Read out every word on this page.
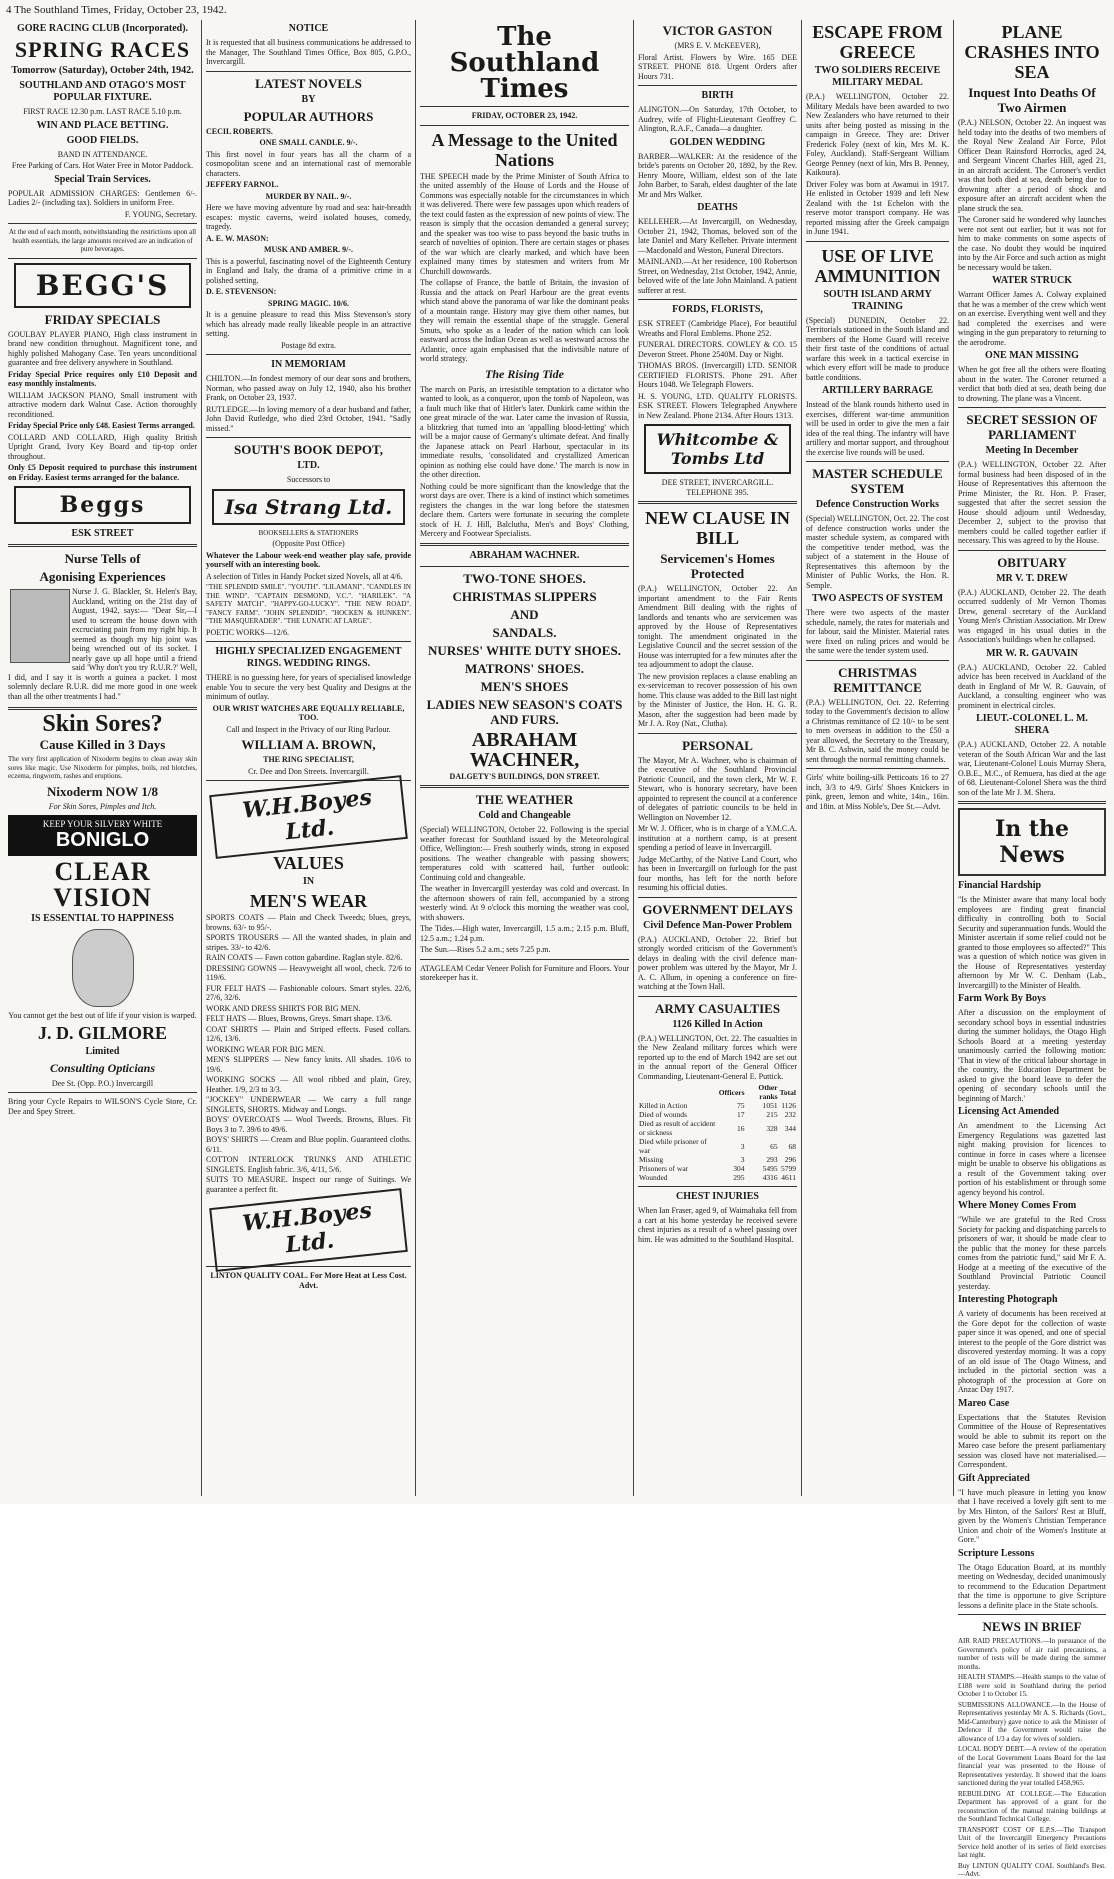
4 The Southland Times, Friday, October 23, 1942.
GORE RACING CLUB (Incorporated).
SPRING RACES
Tomorrow (Saturday), October 24th, 1942.
SOUTHLAND AND OTAGO'S MOST POPULAR FIXTURE.

FIRST RACE 12.30 p.m. LAST RACE 5.10 p.m.

WIN AND PLACE BETTING.
GOOD FIELDS.

BAND IN ATTENDANCE.

Free Parking of Cars. Hot Water Free in Motor Paddock.

Special Train Services.

POPULAR ADMISSION CHARGES: Gentlemen 6/-. Ladies 2/- (including tax). Soldiers in uniform Free.

F. YOUNG, Secretary.

At the end of each month, notwithstanding the restrictions upon all health essentials, the large amounts received are an indication of pure beverages.

BEGG'S
FRIDAY SPECIALS

GOULBAY PLAYER PIANO, High class instrument in brand new condition throughout. Magnificent tone, and highly polished Mahogany Case. Ten years unconditional guarantee and free delivery anywhere in Southland.

Friday Special Price requires only £10 Deposit and easy monthly instalments.

WILLIAM JACKSON PIANO, Small instrument with attractive modern dark Walnut Case. Action thoroughly reconditioned.

Friday Special Price only £48. Easiest Terms arranged.

COLLARD AND COLLARD, High quality British Upright Grand, Ivory Key Board and tip-top order throughout.

Only £5 Deposit required to purchase this instrument on Friday. Easiest terms arranged for the balance.

Beggs
ESK STREET
Nurse Tells of
Agonising Experiences

Nurse J. G. Blackler, St. Helen's Bay, Auckland, writing on the 21st day of August, 1942, says:— "Dear Sir,—I used to scream the house down with excruciating pain from my right hip. It seemed as though my hip joint was being wrenched out of its socket. I nearly gave up all hope until a friend said 'Why don't you try R.U.R.?' Well, I did, and I say it is worth a guinea a packet. I most solemnly declare R.U.R. did me more good in one week than all the other treatments I had."

Skin Sores?
Cause Killed in 3 Days

The very first application of Nixoderm begins to clean away skin sores like magic. Use Nixoderm for pimples, boils, red blotches, eczema, ringworm, rashes and eruptions.

Nixoderm NOW 1/8

For Skin Sores, Pimples and Itch.

KEEP YOUR SILVERY WHITE
BONIGLO
CLEAR
VISION
IS ESSENTIAL TO HAPPINESS

You cannot get the best out of life if your vision is warped.

J. D. GILMORE
Limited
Consulting Opticians

Dee St. (Opp. P.O.) Invercargill

Bring your Cycle Repairs to WILSON'S Cycle Store, Cr. Dee and Spey Street.

NOTICE

It is requested that all business communications be addressed to the Manager, The Southland Times Office, Box 805, G.P.O., Invercargill.

LATEST NOVELS
BY
POPULAR AUTHORS

CECIL ROBERTS.

ONE SMALL CANDLE. 9/-.

This first novel in four years has all the charm of a cosmopolitan scene and an international cast of memorable characters.

JEFFERY FARNOL.

MURDER BY NAIL. 9/-.

Here we have moving adventure by road and sea: hair-breadth escapes: mystic caverns, weird isolated houses, comedy, tragedy.

A. E. W. MASON:

MUSK AND AMBER. 9/-.

This is a powerful, fascinating novel of the Eighteenth Century in England and Italy, the drama of a primitive crime in a polished setting.

D. E. STEVENSON:

SPRING MAGIC. 10/6.

It is a genuine pleasure to read this Miss Stevenson's story which has already made really likeable people in an attractive setting.

Postage 8d extra.

IN MEMORIAM

CHILTON.—In fondest memory of our dear sons and brothers, Norman, who passed away on July 12, 1940, also his brother Frank, on October 23, 1937.

RUTLEDGE.—In loving memory of a dear husband and father, John David Rutledge, who died 23rd October, 1941. "Sadly missed."

SOUTH'S BOOK DEPOT,
LTD.

Successors to

Isa Strang Ltd.

BOOKSELLERS & STATIONERS

(Opposite Post Office)

Whatever the Labour week-end weather play safe, provide yourself with an interesting book.

A selection of Titles in Handy Pocket sized Novels, all at 4/6.

"THE SPLENDID SMILE". "YOUTH". "LILAMANI". "CANDLES IN THE WIND". "CAPTAIN DESMOND, V.C.". "HARILEK". "A SAFETY MATCH". "HAPPY-GO-LUCKY". "THE NEW ROAD". "FANCY FARM". "JOHN SPLENDID". "HOCKEN & HUNKEN". "THE MASQUERADER". "THE LUNATIC AT LARGE".

POETIC WORKS—12/6.

HIGHLY SPECIALIZED ENGAGEMENT RINGS. WEDDING RINGS.

THERE is no guessing here, for years of specialised knowledge enable You to secure the very best Quality and Designs at the minimum of outlay.

OUR WRIST WATCHES ARE EQUALLY RELIABLE, TOO.

Call and Inspect in the Privacy of our Ring Parlour.

WILLIAM A. BROWN,

THE RING SPECIALIST,

Cr. Dee and Don Streets. Invercargill.

W.H.Boyes Ltd.
VALUES
IN
MEN'S WEAR

SPORTS COATS — Plain and Check Tweeds; blues, greys, browns. 63/- to 95/-.

SPORTS TROUSERS — All the wanted shades, in plain and stripes. 33/- to 42/6.

RAIN COATS — Fawn cotton gabardine. Raglan style. 82/6.

DRESSING GOWNS — Heavyweight all wool, check. 72/6 to 119/6.

FUR FELT HATS — Fashionable colours. Smart styles. 22/6, 27/6, 32/6.

WORK AND DRESS SHIRTS FOR BIG MEN.

FELT HATS — Blues, Browns, Greys. Smart shape. 13/6.

COAT SHIRTS — Plain and Striped effects. Fused collars. 12/6, 13/6.

WORKING WEAR FOR BIG MEN.

MEN'S SLIPPERS — New fancy knits. All shades. 10/6 to 19/6.

WORKING SOCKS — All wool ribbed and plain, Grey, Heather. 1/9, 2/3 to 3/3.

"JOCKEY" UNDERWEAR — We carry a full range SINGLETS, SHORTS. Midway and Longs.

BOYS' OVERCOATS — Wool Tweeds. Browns, Blues. Fit Boys 3 to 7. 39/6 to 49/6.

BOYS' SHIRTS — Cream and Blue poplin. Guaranteed cloths. 6/11.

COTTON INTERLOCK TRUNKS AND ATHLETIC SINGLETS. English fabric. 3/6, 4/11, 5/6.

SUITS TO MEASURE. Inspect our range of Suitings. We guarantee a perfect fit.

W.H.Boyes Ltd.

LINTON QUALITY COAL. For More Heat at Less Cost. Advt.

The Southland Times

FRIDAY, OCTOBER 23, 1942.

A Message to the United Nations

THE SPEECH made by the Prime Minister of South Africa to the united assembly of the House of Lords and the House of Commons was especially notable for the circumstances in which it was delivered. There were few passages upon which readers of the text could fasten as the expression of new points of view. The reason is simply that the occasion demanded a general survey; and the speaker was too wise to pass beyond the basic truths in search of novelties of opinion. There are certain stages or phases of the war which are clearly marked, and which have been explained many times by statesmen and writers from Mr Churchill downwards.

The collapse of France, the battle of Britain, the invasion of Russia and the attack on Pearl Harbour are the great events which stand above the panorama of war like the dominant peaks of a mountain range. History may give them other names, but they will remain the essential shape of the struggle. General Smuts, who spoke as a leader of the nation which can look eastward across the Indian Ocean as well as westward across the Atlantic, once again emphasised that the indivisible nature of world strategy.

The Rising Tide

The march on Paris, an irresistible temptation to a dictator who wanted to look, as a conqueror, upon the tomb of Napoleon, was a fault much like that of Hitler's later. Dunkirk came within the one great miracle of the war. Later came the invasion of Russia, a blitzkrieg that turned into an 'appalling blood-letting' which will be a major cause of Germany's ultimate defeat. And finally the Japanese attack on Pearl Harbour, spectacular in its immediate results, 'consolidated and crystallized American opinion as nothing else could have done.' The march is now in the other direction.

Nothing could be more significant than the knowledge that the worst days are over. There is a kind of instinct which sometimes registers the changes in the war long before the statesmen declare them. Carters were fortunate in securing the complete stock of H. J. Hill, Balclutha, Men's and Boys' Clothing, Mercery and Footwear Specialists.

ABRAHAM WACHNER.
TWO-TONE SHOES.
CHRISTMAS SLIPPERS
AND
SANDALS.
NURSES' WHITE DUTY SHOES.
MATRONS' SHOES.
MEN'S SHOES
LADIES NEW SEASON'S COATS AND FURS.
ABRAHAM WACHNER,

DALGETY'S BUILDINGS, DON STREET.

THE WEATHER
Cold and Changeable

(Special) WELLINGTON, October 22. Following is the special weather forecast for Southland issued by the Meteorological Office, Wellington:— Fresh southerly winds, strong in exposed positions. The weather changeable with passing showers; temperatures cold with scattered hail, further outlook: Continuing cold and changeable.

The weather in Invercargill yesterday was cold and overcast. In the afternoon showers of rain fell, accompanied by a strong westerly wind. At 9 o'clock this morning the weather was cool, with showers.

The Tides.—High water, Invercargill, 1.5 a.m.; 2.15 p.m. Bluff, 12.5 a.m.; 1.24 p.m.

The Sun.—Rises 5.2 a.m.; sets 7.25 p.m.

ATAGLEAM Cedar Veneer Polish for Furniture and Floors. Your storekeeper has it.

VICTOR GASTON

(MRS E. V. McKEEVER),

Floral Artist. Flowers by Wire. 165 DEE STREET. PHONE 818. Urgent Orders after Hours 731.

BIRTH

ALINGTON.—On Saturday, 17th October, to Audrey, wife of Flight-Lieutenant Geoffrey C. Alington, R.A.F., Canada—a daughter.

GOLDEN WEDDING

BARBER—WALKER: At the residence of the bride's parents on October 20, 1892, by the Rev. Henry Moore, William, eldest son of the late John Barber, to Sarah, eldest daughter of the late Mr and Mrs Walker.

DEATHS

KELLEHER.—At Invercargill, on Wednesday, October 21, 1942, Thomas, beloved son of the late Daniel and Mary Kelleher. Private interment—Macdonald and Weston, Funeral Directors.

MAINLAND.—At her residence, 100 Robertson Street, on Wednesday, 21st October, 1942, Annie, beloved wife of the late John Mainland. A patient sufferer at rest.

FORDS, FLORISTS,

ESK STREET (Cambridge Place), For beautiful Wreaths and Floral Emblems. Phone 252.

FUNERAL DIRECTORS. COWLEY & CO. 15 Deveron Street. Phone 2540M. Day or Night.

THOMAS BROS. (Invercargill) LTD. SENIOR CERTIFIED FLORISTS. Phone 291. After Hours 1048. We Telegraph Flowers.

H. S. YOUNG, LTD. QUALITY FLORISTS. ESK STREET. Flowers Telegraphed Anywhere in New Zealand. Phone 2134. After Hours 1313.

Whitcombe & Tombs Ltd

DEE STREET, INVERCARGILL. TELEPHONE 395.

NEW CLAUSE IN BILL
Servicemen's Homes Protected

(P.A.) WELLINGTON, October 22. An important amendment to the Fair Rents Amendment Bill dealing with the rights of landlords and tenants who are servicemen was approved by the House of Representatives tonight. The amendment originated in the Legislative Council and the secret session of the House was interrupted for a few minutes after the tea adjournment to adopt the clause.

The new provision replaces a clause enabling an ex-serviceman to recover possession of his own home. This clause was added to the Bill last night by the Minister of Justice, the Hon. H. G. R. Mason, after the suggestion had been made by Mr J. A. Roy (Nat., Clutha).

PERSONAL

The Mayor, Mr A. Wachner, who is chairman of the executive of the Southland Provincial Patriotic Council, and the town clerk, Mr W. F. Stewart, who is honorary secretary, have been appointed to represent the council at a conference of delegates of patriotic councils to be held in Wellington on November 12.

Mr W. J. Officer, who is in charge of a Y.M.C.A. institution at a northern camp, is at present spending a period of leave in Invercargill.

Judge McCarthy, of the Native Land Court, who has been in Invercargill on furlough for the past four months, has left for the north before resuming his official duties.

GOVERNMENT DELAYS
Civil Defence Man-Power Problem

(P.A.) AUCKLAND, October 22. Brief but strongly worded criticism of the Government's delays in dealing with the civil defence man-power problem was uttered by the Mayor, Mr J. A. C. Allum, in opening a conference on fire-watching at the Town Hall.

ARMY CASUALTIES
1126 Killed In Action

(P.A.) WELLINGTON, Oct. 22. The casualties in the New Zealand military forces which were reported up to the end of March 1942 are set out in the annual report of the General Officer Commanding, Lieutenant-General E. Puttick.

	Officers	Other ranks	Total
Killed in Action	75	1051	1126
Died of wounds	17	215	232
Died as result of accident or sickness	16	328	344
Died while prisoner of war	3	65	68
Missing	3	293	296
Prisoners of war	304	5495	5799
Wounded	295	4316	4611
CHEST INJURIES

When Ian Fraser, aged 9, of Waimahaka fell from a cart at his home yesterday he received severe chest injuries as a result of a wheel passing over him. He was admitted to the Southland Hospital.

ESCAPE FROM GREECE
TWO SOLDIERS RECEIVE MILITARY MEDAL

(P.A.) WELLINGTON, October 22. Military Medals have been awarded to two New Zealanders who have returned to their units after being posted as missing in the campaign in Greece. They are: Driver Frederick Foley (next of kin, Mrs M. K. Foley, Auckland). Staff-Sergeant William George Penney (next of kin, Mrs B. Penney, Kaikoura).

Driver Foley was born at Awamui in 1917. He enlisted in October 1939 and left New Zealand with the 1st Echelon with the reserve motor transport company. He was reported missing after the Greek campaign in June 1941.

USE OF LIVE AMMUNITION
SOUTH ISLAND ARMY TRAINING

(Special) DUNEDIN, October 22. Territorials stationed in the South Island and members of the Home Guard will receive their first taste of the conditions of actual warfare this week in a tactical exercise in which every effort will be made to produce battle conditions.

ARTILLERY BARRAGE

Instead of the blank rounds hitherto used in exercises, different war-time ammunition will be used in order to give the men a fair idea of the real thing. The infantry will have artillery and mortar support, and throughout the exercise live rounds will be used.

MASTER SCHEDULE SYSTEM
Defence Construction Works

(Special) WELLINGTON, Oct. 22. The cost of defence construction works under the master schedule system, as compared with the competitive tender method, was the subject of a statement in the House of Representatives this afternoon by the Minister of Public Works, the Hon. R. Semple.

TWO ASPECTS OF SYSTEM

There were two aspects of the master schedule, namely, the rates for materials and for labour, said the Minister. Material rates were fixed on ruling prices and would be the same were the tender system used.

CHRISTMAS REMITTANCE

(P.A.) WELLINGTON, Oct. 22. Referring today to the Government's decision to allow a Christmas remittance of £2 10/- to be sent to men overseas in addition to the £50 a year allowed, the Secretary to the Treasury, Mr B. C. Ashwin, said the money could be sent through the normal remitting channels.

Girls' white boiling-silk Petticoats 16 to 27 inch, 3/3 to 4/9. Girls' Shoes Knickers in pink, green, lemon and white, 14in., 16in. and 18in. at Miss Noble's, Dee St.—Advt.

PLANE CRASHES INTO SEA
Inquest Into Deaths Of Two Airmen

(P.A.) NELSON, October 22. An inquest was held today into the deaths of two members of the Royal New Zealand Air Force, Pilot Officer Dean Rainsford Horrocks, aged 24, and Sergeant Vincent Charles Hill, aged 21, in an aircraft accident. The Coroner's verdict was that both died at sea, death being due to drowning after a period of shock and exposure after an aircraft accident when the plane struck the sea.

The Coroner said he wondered why launches were not sent out earlier, but it was not for him to make comments on some aspects of the case. No doubt they would be inquired into by the Air Force and such action as might be necessary would be taken.

WATER STRUCK

Warrant Officer James A. Colway explained that he was a member of the crew which went on an exercise. Everything went well and they had completed the exercises and were winging in the gun preparatory to returning to the aerodrome.

ONE MAN MISSING

When he got free all the others were floating about in the water. The Coroner returned a verdict that both died at sea, death being due to drowning. The plane was a Vincent.

SECRET SESSION OF PARLIAMENT
Meeting In December

(P.A.) WELLINGTON, October 22. After formal business had been disposed of in the House of Representatives this afternoon the Prime Minister, the Rt. Hon. P. Fraser, suggested that after the secret session the House should adjourn until Wednesday, December 2, subject to the proviso that members could be called together earlier if necessary. This was agreed to by the House.

OBITUARY
MR V. T. DREW

(P.A.) AUCKLAND, October 22. The death occurred suddenly of Mr Vernon Thomas Drew, general secretary of the Auckland Young Men's Christian Association. Mr Drew was engaged in his usual duties in the Association's buildings when he collapsed.

MR W. R. GAUVAIN

(P.A.) AUCKLAND, October 22. Cabled advice has been received in Auckland of the death in England of Mr W. R. Gauvain, of Auckland, a consulting engineer who was prominent in electrical circles.

LIEUT.-COLONEL L. M. SHERA

(P.A.) AUCKLAND, October 22. A notable veteran of the South African War and the last war, Lieutenant-Colonel Louis Murray Shera, O.B.E., M.C., of Remuera, has died at the age of 68. Lieutenant-Colonel Shera was the third son of the late Mr J. M. Shera.

In the News
Financial Hardship

"Is the Minister aware that many local body employees are finding great financial difficulty in controlling both to Social Security and superannuation funds. Would the Minister ascertain if some relief could not be granted to those employees so affected?" This was a question of which notice was given in the House of Representatives yesterday afternoon by Mr W. C. Denham (Lab., Invercargill) to the Minister of Health.

Farm Work By Boys

After a discussion on the employment of secondary school boys in essential industries during the summer holidays, the Otago High Schools Board at a meeting yesterday unanimously carried the following motion: 'That in view of the critical labour shortage in the country, the Education Department be asked to give the board leave to defer the opening of secondary schools until the beginning of March.'

Licensing Act Amended

An amendment to the Licensing Act Emergency Regulations was gazetted last night making provision for licences to continue in force in cases where a licensee might be unable to observe his obligations as a result of the Government taking over portion of his establishment or through some agency beyond his control.

Where Money Comes From

"While we are grateful to the Red Cross Society for packing and dispatching parcels to prisoners of war, it should be made clear to the public that the money for these parcels comes from the patriotic fund," said Mr F. A. Hodge at a meeting of the executive of the Southland Provincial Patriotic Council yesterday.

Interesting Photograph

A variety of documents has been received at the Gore depot for the collection of waste paper since it was opened, and one of special interest to the people of the Gore district was discovered yesterday morning. It was a copy of an old issue of The Otago Witness, and included in the pictorial section was a photograph of the procession at Gore on Anzac Day 1917.

Mareo Case

Expectations that the Statutes Revision Committee of the House of Representatives would be able to submit its report on the Mareo case before the present parliamentary session was closed have not materialised.—Correspondent.

Gift Appreciated

"I have much pleasure in letting you know that I have received a lovely gift sent to me by Mrs Hinton, of the Sailors' Rest at Bluff, given by the Women's Christian Temperance Union and choir of the Women's Institute at Gore."

Scripture Lessons

The Otago Education Board, at its monthly meeting on Wednesday, decided unanimously to recommend to the Education Department that the time is opportune to give Scripture lessons a definite place in the State schools.

NEWS IN BRIEF

AIR RAID PRECAUTIONS.—In pursuance of the Government's policy of air raid precautions, a number of tests will be made during the summer months.

HEALTH STAMPS.—Health stamps to the value of £188 were sold in Southland during the period October 1 to October 15.

SUBMISSIONS ALLOWANCE.—In the House of Representatives yesterday Mr A. S. Richards (Govt., Mid-Canterbury) gave notice to ask the Minister of Defence if the Government would raise the allowance of 1/3 a day for wives of soldiers.

LOCAL BODY DEBT.—A review of the operation of the Local Government Loans Board for the last financial year was presented to the House of Representatives yesterday. It showed that the loans sanctioned during the year totalled £458,965.

REBUILDING AT COLLEGE.—The Education Department has approved of a grant for the reconstruction of the manual training buildings at the Southland Technical College.

TRANSPORT COST OF E.P.S.—The Transport Unit of the Invercargill Emergency Precautions Service held another of its series of field exercises last night.

Buy LINTON QUALITY COAL Southland's Best.—Advt.
